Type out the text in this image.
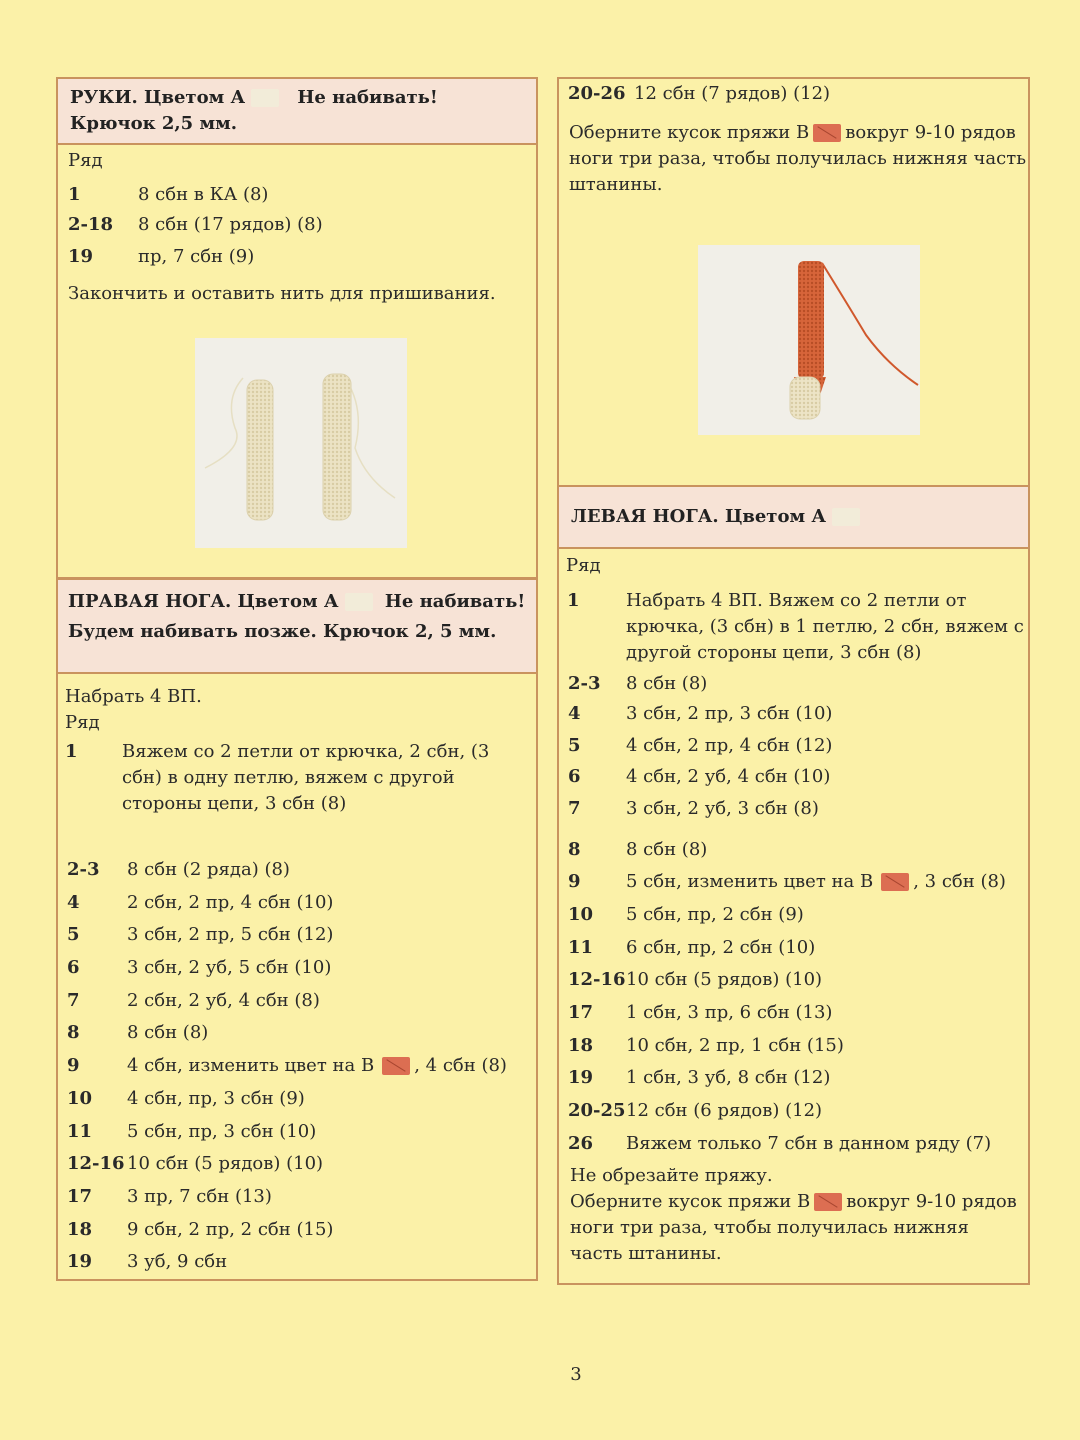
РУКИ. Цветом А	Не набивать!
Крючок 2,5 мм.
Ряд
1	8 сбн в КА (8)
2-18 8 сбн (17 рядов) (8)
19 пр, 7 сбн (9)
Закончить и оставить нить для пришивания.
ПРАВАЯ НОГА. Цветом А	Не набивать!
Будем набивать позже. Крючок 2, 5 мм.
Набрать 4 ВП.
Ряд
1 Вяжем со 2 петли от крючка, 2 сбн, (3
сбн) в одну петлю, вяжем с другой
стороны цепи, 3 сбн (8)
2-3 8 сбн (2 ряда) (8)
4	2 сбн, 2 пр, 4 сбн (10)
5	3 сбн, 2 пр, 5 сбн (12)
6	3 сбн, 2 уб, 5 сбн (10)
7	2 сбн, 2 уб, 4 сбн (8)
8	8 сбн (8)
9	4 сбн, изменить цвет на В , 4 сбн (8)
10 4 сбн, пр, 3 сбн (9)
11 5 сбн, пр, 3 сбн (10)
12-16 10 сбн (5 рядов) (10)
17 3 пр, 7 сбн (13)
18 9 сбн, 2 пр, 2 сбн (15)
19 3 уб, 9 сбн
20-26 12 сбн (7 рядов) (12)
Оберните кусок пряжи В вокруг 9-10 рядов
ноги три раза, чтобы получилась нижняя часть
штанины.
ЛЕВАЯ НОГА. Цветом А
Ряд
1	Набрать 4 ВП. Вяжем со 2 петли от
крючка, (3 сбн) в 1 петлю, 2 сбн, вяжем с
другой стороны цепи, 3 сбн (8)
2-3 8 сбн (8)
4	3 сбн, 2 пр, 3 сбн (10)
5	4 сбн, 2 пр, 4 сбн (12)
6	4 сбн, 2 уб, 4 сбн (10)
7	3 сбн, 2 уб, 3 сбн (8)
8	8 сбн (8)
9	5 сбн, изменить цвет на В , 3 сбн (8)
10 5 сбн, пр, 2 сбн (9)
11 6 сбн, пр, 2 сбн (10)
12-16 10 сбн (5 рядов) (10)
17 1 сбн, 3 пр, 6 сбн (13)
18 10 сбн, 2 пр, 1 сбн (15)
19 1 сбн, 3 уб, 8 сбн (12)
20-25 12 сбн (6 рядов) (12)
26 Вяжем только 7 сбн в данном ряду (7)
Не обрезайте пряжу.
Оберните кусок пряжи В вокруг 9-10 рядов
ноги три раза, чтобы получилась нижняя
часть штанины.
3
